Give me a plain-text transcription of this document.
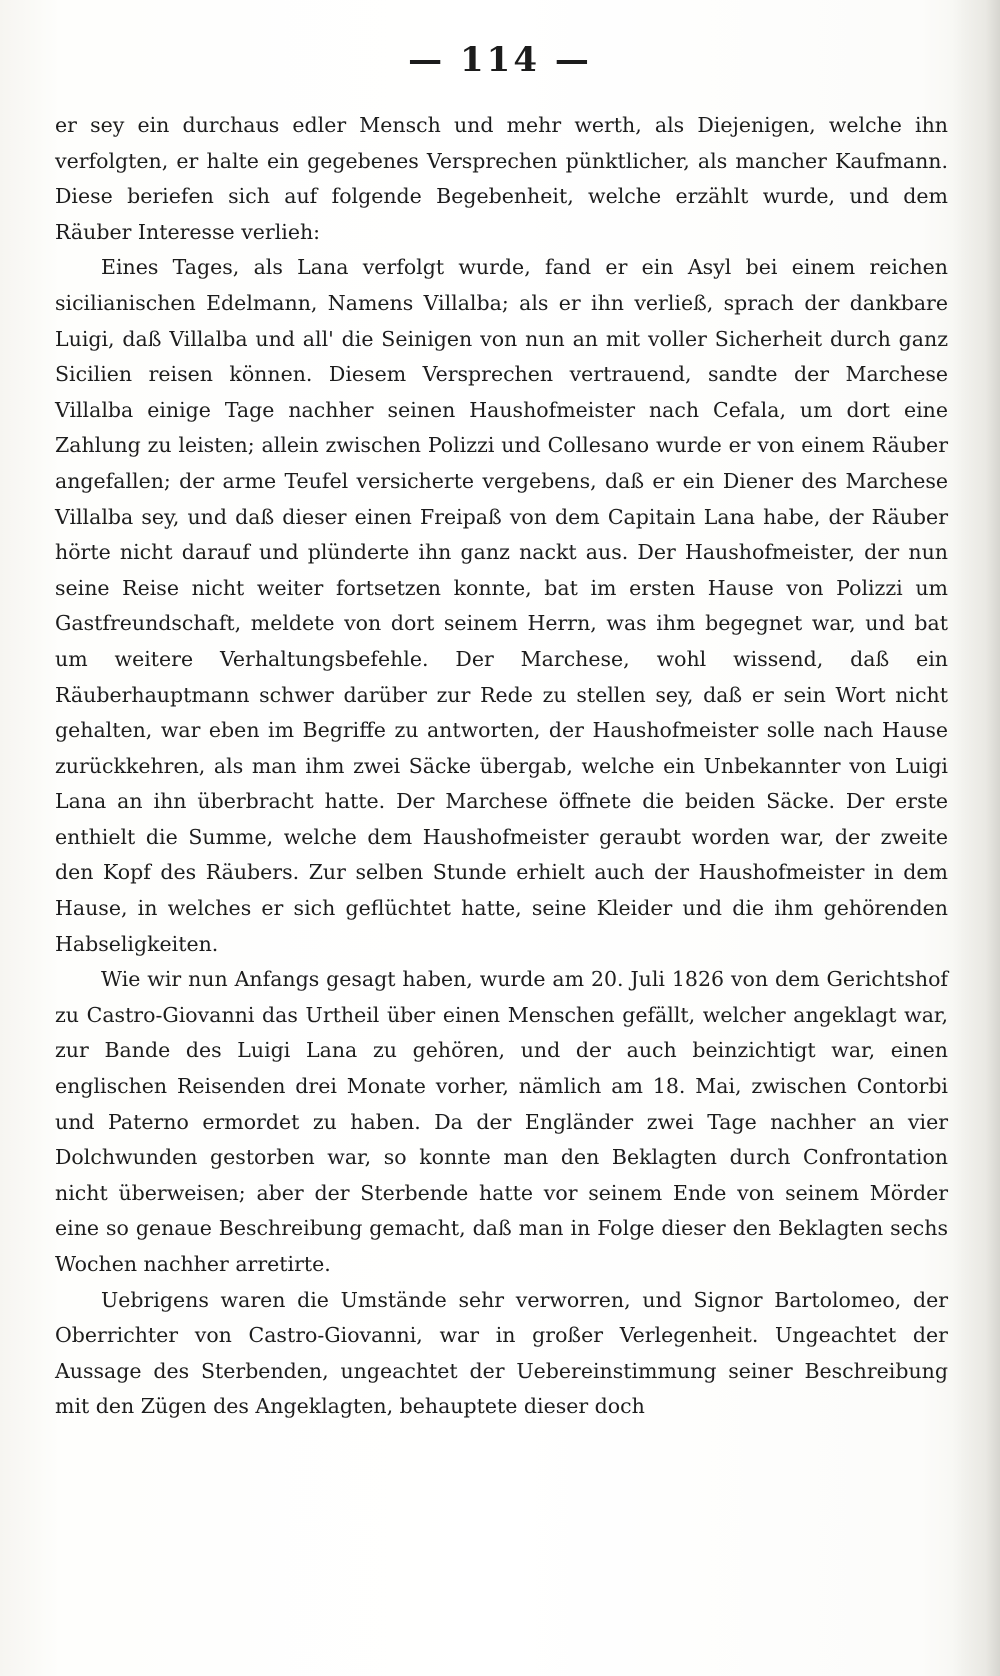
— 114 —

er sey ein durchaus edler Mensch und mehr werth, als Diejenigen, welche ihn verfolgten, er halte ein gegebenes Versprechen pünktlicher, als mancher Kaufmann. Diese beriefen sich auf folgende Begebenheit, welche erzählt wurde, und dem Räuber Interesse verlieh:

Eines Tages, als Lana verfolgt wurde, fand er ein Asyl bei einem reichen sicilianischen Edelmann, Namens Villalba; als er ihn verließ, sprach der dankbare Luigi, daß Villalba und all' die Seinigen von nun an mit voller Sicherheit durch ganz Sicilien reisen können. Diesem Versprechen vertrauend, sandte der Marchese Villalba einige Tage nachher seinen Haushofmeister nach Cefala, um dort eine Zahlung zu leisten; allein zwischen Polizzi und Collesano wurde er von einem Räuber angefallen; der arme Teufel versicherte vergebens, daß er ein Diener des Marchese Villalba sey, und daß dieser einen Freipaß von dem Capitain Lana habe, der Räuber hörte nicht darauf und plünderte ihn ganz nackt aus. Der Haushofmeister, der nun seine Reise nicht weiter fortsetzen konnte, bat im ersten Hause von Polizzi um Gastfreundschaft, meldete von dort seinem Herrn, was ihm begegnet war, und bat um weitere Verhaltungsbefehle. Der Marchese, wohl wissend, daß ein Räuberhauptmann schwer darüber zur Rede zu stellen sey, daß er sein Wort nicht gehalten, war eben im Begriffe zu antworten, der Haushofmeister solle nach Hause zurückkehren, als man ihm zwei Säcke übergab, welche ein Unbekannter von Luigi Lana an ihn überbracht hatte. Der Marchese öffnete die beiden Säcke. Der erste enthielt die Summe, welche dem Haushofmeister geraubt worden war, der zweite den Kopf des Räubers. Zur selben Stunde erhielt auch der Haushofmeister in dem Hause, in welches er sich geflüchtet hatte, seine Kleider und die ihm gehörenden Habseligkeiten.

Wie wir nun Anfangs gesagt haben, wurde am 20. Juli 1826 von dem Gerichtshof zu Castro-Giovanni das Urtheil über einen Menschen gefällt, welcher angeklagt war, zur Bande des Luigi Lana zu gehören, und der auch beinzichtigt war, einen englischen Reisenden drei Monate vorher, nämlich am 18. Mai, zwischen Contorbi und Paterno ermordet zu haben. Da der Engländer zwei Tage nachher an vier Dolchwunden gestorben war, so konnte man den Beklagten durch Confrontation nicht überweisen; aber der Sterbende hatte vor seinem Ende von seinem Mörder eine so genaue Beschreibung gemacht, daß man in Folge dieser den Beklagten sechs Wochen nachher arretirte.

Uebrigens waren die Umstände sehr verworren, und Signor Bartolomeo, der Oberrichter von Castro-Giovanni, war in großer Verlegenheit. Ungeachtet der Aussage des Sterbenden, ungeachtet der Uebereinstimmung seiner Beschreibung mit den Zügen des Angeklagten, behauptete dieser doch
